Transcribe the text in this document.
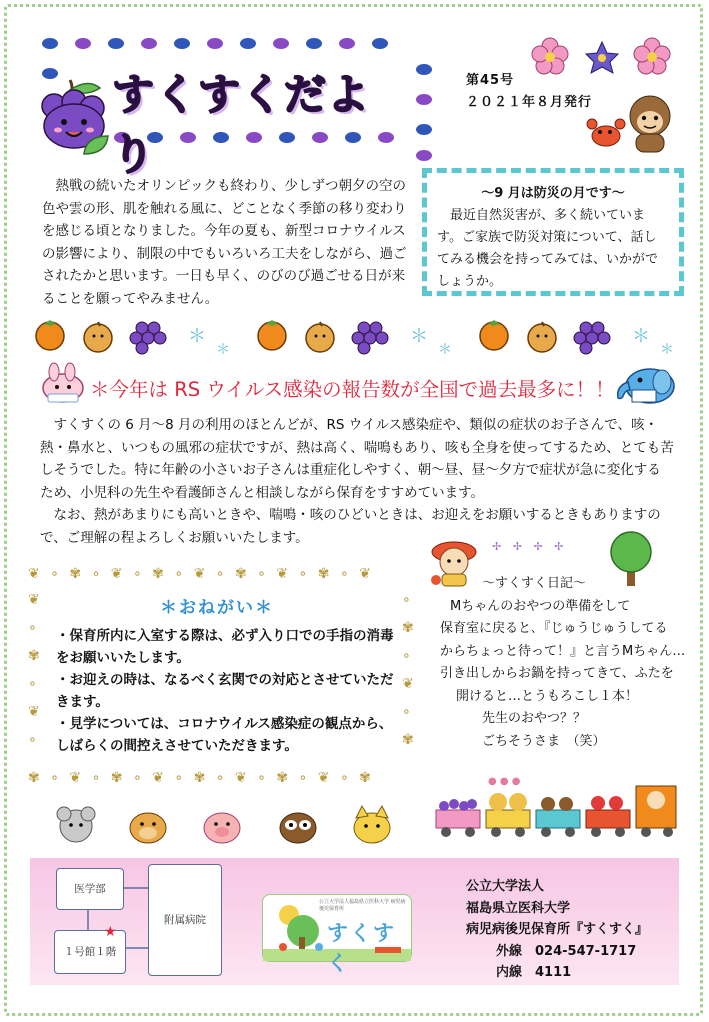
すくすくだより
第45号
２０２１年８月発行
熱戦の続いたオリンピックも終わり、少しずつ朝夕の空の色や雲の形、肌を触れる風に、どことなく季節の移り変わりを感じる頃となりました。今年の夏も、新型コロナウイルスの影響により、制限の中でもいろいろ工夫をしながら、過ごされたかと思います。一日も早く、のびのび過ごせる日が来ることを願ってやみません。
～9 月は防災の月です～
最近自然災害が、多く続いています。ご家族で防災対策について、話してみる機会を持ってみては、いかがでしょうか。
＊
＊
＊今年は RS ウイルス感染の報告数が全国で過去最多に！！

すくすくの 6 月～8 月の利用のほとんどが、RS ウイルス感染症や、類似の症状のお子さんで、咳・熱・鼻水と、いつもの風邪の症状ですが、熱は高く、喘鳴もあり、咳も全身を使ってするため、とても苦しそうでした。特に年齢の小さいお子さんは重症化しやすく、朝～昼、昼～夕方で症状が急に変化するため、小児科の先生や看護師さんと相談しながら保育をすすめています。

なお、熱があまりにも高いときや、喘鳴・咳のひどいときは、お迎えをお願いするときもありますので、ご理解の程よろしくお願いいたします。

❦ ∘ ✾ ∘ ❦ ∘ ✾ ∘ ❦ ∘ ✾ ∘ ❦ ∘ ✾ ∘ ❦
✾ ∘ ❦ ∘ ✾ ∘ ❦ ∘ ✾ ∘ ❦ ∘ ✾ ∘ ❦ ∘ ✾
❦
∘
✾
∘
❦
∘
∘
✾
∘
❦
∘
✾
＊おねがい＊

・保育所内に入室する際は、必ず入り口での手指の消毒をお願いいたします。

・お迎えの時は、なるべく玄関での対応とさせていただきます。

・見学については、コロナウイルス感染症の観点から、しばらくの間控えさせていただきます。

✢ ✢ ✢ ✢
～すくすく日記～
Mちゃんのおやつの準備をして
保育室に戻ると､『じゅうじゅうしてる
からちょっと待って！』と言うMちゃん…
引き出しからお鍋を持ってきて、ふたを
開けると…とうもろこし１本！
先生のおやつ？？
ごちそうさま　（笑）
● ● ●
医学部
附属病院
１号館１階
★
公立大学法人福島県立医科大学 病児病後児保育所
すくすく
公立大学法人
福島県立医科大学
病児病後児保育所『すくすく』
外線　024-547-1717
内線　4111
